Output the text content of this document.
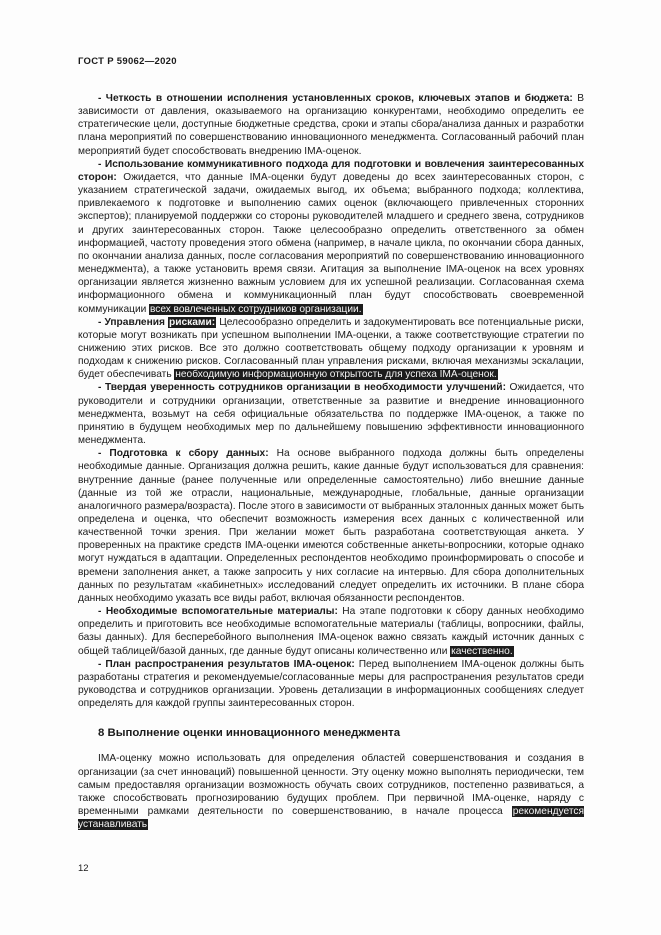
ГОСТ Р 59062—2020

- Четкость в отношении исполнения установленных сроков, ключевых этапов и бюджета: В зависимости от давления, оказываемого на организацию конкурентами, необходимо определить ее стратегические цели, доступные бюджетные средства, сроки и этапы сбора/анализа данных и разработки плана мероприятий по совершенствованию инновационного менеджмента. Согласованный рабочий план мероприятий будет способствовать внедрению IMA-оценок.

- Использование коммуникативного подхода для подготовки и вовлечения заинтересованных сторон: Ожидается, что данные IMA-оценки будут доведены до всех заинтересованных сторон, с указанием стратегической задачи, ожидаемых выгод, их объема; выбранного подхода; коллектива, привлекаемого к подготовке и выполнению самих оценок (включающего привлеченных сторонних экспертов); планируемой поддержки со стороны руководителей младшего и среднего звена, сотрудников и других заинтересованных сторон. Также целесообразно определить ответственного за обмен информацией, частоту проведения этого обмена (например, в начале цикла, по окончании сбора данных, по окончании анализа данных, после согласования мероприятий по совершенствованию инновационного менеджмента), а также установить время связи. Агитация за выполнение IMA-оценок на всех уровнях организации является жизненно важным условием для их успешной реализации. Согласованная схема информационного обмена и коммуникационный план будут способствовать своевременной коммуникации всех вовлеченных сотрудников организации.

- Управления рисками: Целесообразно определить и задокументировать все потенциальные риски, которые могут возникать при успешном выполнении IMA-оценки, а также соответствующие стратегии по снижению этих рисков. Все это должно соответствовать общему подходу организации к уровням и подходам к снижению рисков. Согласованный план управления рисками, включая механизмы эскалации, будет обеспечивать необходимую информационную открытость для успеха IMA-оценок.

- Твердая уверенность сотрудников организации в необходимости улучшений: Ожидается, что руководители и сотрудники организации, ответственные за развитие и внедрение инновационного менеджмента, возьмут на себя официальные обязательства по поддержке IMA-оценок, а также по принятию в будущем необходимых мер по дальнейшему повышению эффективности инновационного менеджмента.

- Подготовка к сбору данных: На основе выбранного подхода должны быть определены необходимые данные. Организация должна решить, какие данные будут использоваться для сравнения: внутренние данные (ранее полученные или определенные самостоятельно) либо внешние данные (данные из той же отрасли, национальные, международные, глобальные, данные организации аналогичного размера/возраста). После этого в зависимости от выбранных эталонных данных может быть определена и оценка, что обеспечит возможность измерения всех данных с количественной или качественной точки зрения. При желании может быть разработана соответствующая анкета. У проверенных на практике средств IMA-оценки имеются собственные анкеты-вопросники, которые однако могут нуждаться в адаптации. Определенных респондентов необходимо проинформировать о способе и времени заполнения анкет, а также запросить у них согласие на интервью. Для сбора дополнительных данных по результатам «кабинетных» исследований следует определить их источники. В плане сбора данных необходимо указать все виды работ, включая обязанности респондентов.

- Необходимые вспомогательные материалы: На этапе подготовки к сбору данных необходимо определить и приготовить все необходимые вспомогательные материалы (таблицы, вопросники, файлы, базы данных). Для бесперебойного выполнения IMA-оценок важно связать каждый источник данных с общей таблицей/базой данных, где данные будут описаны количественно или качественно.

- План распространения результатов IMA-оценок: Перед выполнением IMA-оценок должны быть разработаны стратегия и рекомендуемые/согласованные меры для распространения результатов среди руководства и сотрудников организации. Уровень детализации в информационных сообщениях следует определять для каждой группы заинтересованных сторон.

8 Выполнение оценки инновационного менеджмента

IMA-оценку можно использовать для определения областей совершенствования и создания в организации (за счет инноваций) повышенной ценности. Эту оценку можно выполнять периодически, тем самым предоставляя организации возможность обучать своих сотрудников, постепенно развиваться, а также способствовать прогнозированию будущих проблем. При первичной IMA-оценке, наряду с временными рамками деятельности по совершенствованию, в начале процесса рекомендуется устанавливать

12
